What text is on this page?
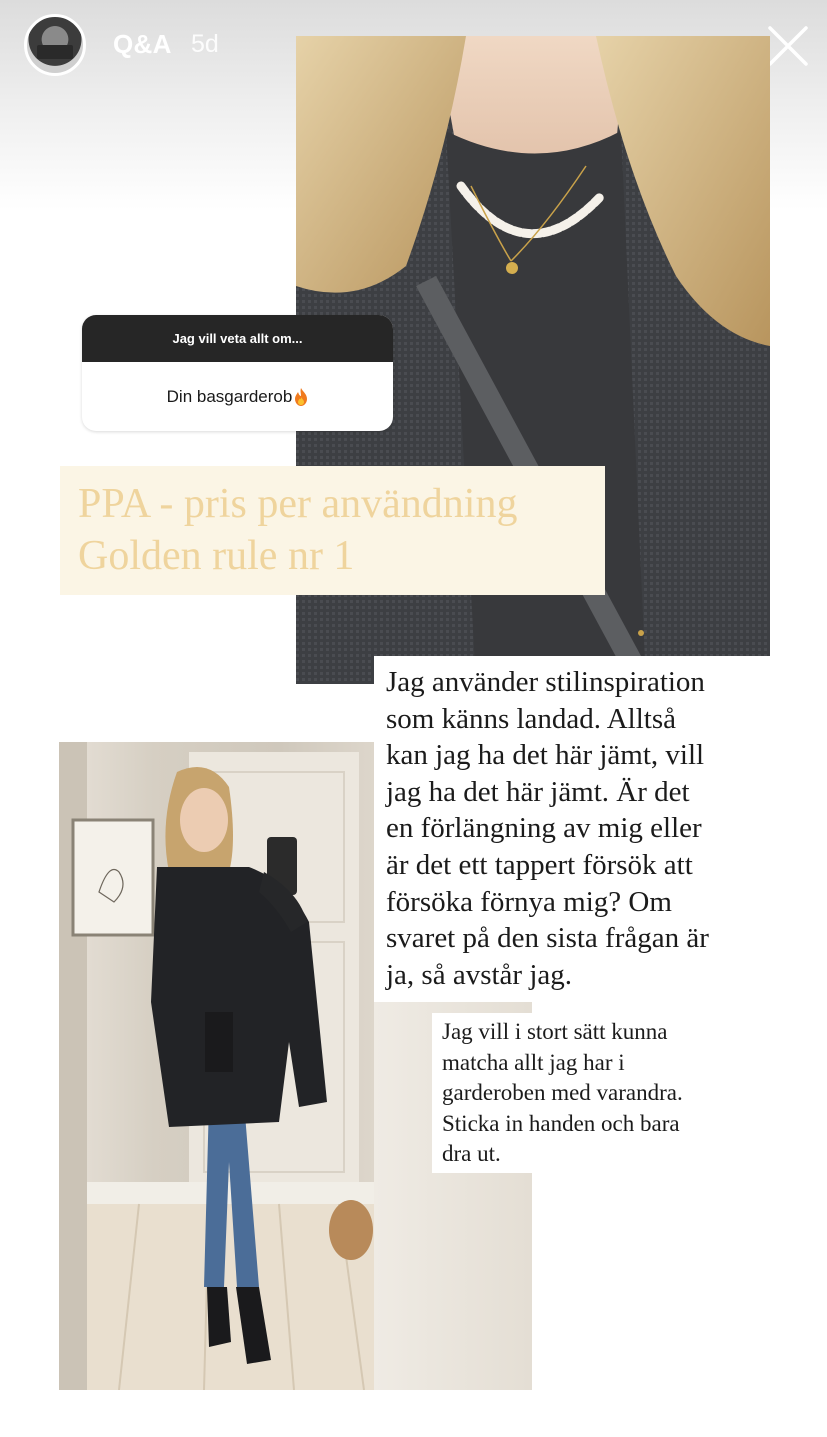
Q&A 5d
Jag vill veta allt om...
Din basgarderob
PPA - pris per användning
Golden rule nr 1
Jag använder stilinspiration
som känns landad. Alltså
kan jag ha det här jämt, vill
jag ha det här jämt. Är det
en förlängning av mig eller
är det ett tappert försök att
försöka förnya mig? Om
svaret på den sista frågan är
ja, så avstår jag.
Jag vill i stort sätt kunna
matcha allt jag har i
garderoben med varandra.
Sticka in handen och bara
dra ut.
